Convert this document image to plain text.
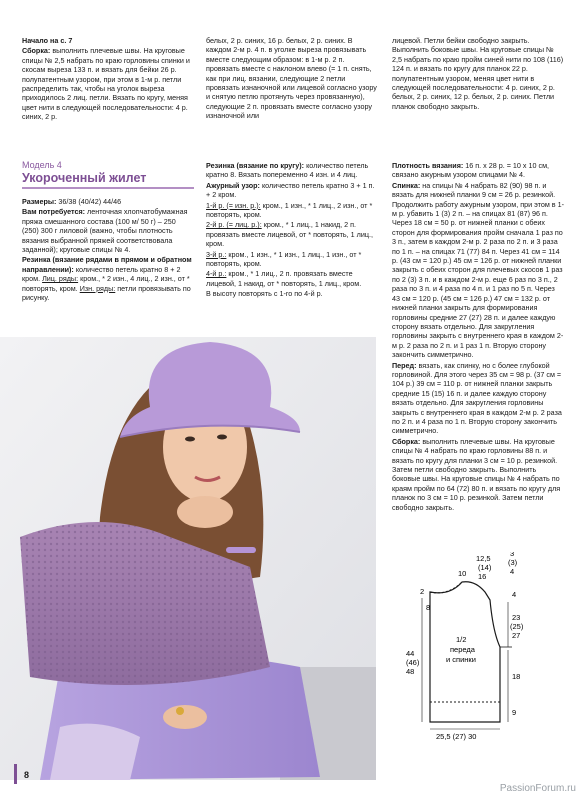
Начало на с. 7

Сборка: выполнить плечевые швы. На круговые спицы № 2,5 набрать по краю горловины спинки и скосам выреза 133 п. и вязать для бейки 26 р. полупатентным узором, при этом в 1-м р. петли распределить так, чтобы на уголок выреза приходилось 2 лиц. петли. Вязать по кругу, меняя цвет нити в следующей последовательности: 4 р. синих, 2 р.

белых, 2 р. синих, 16 р. белых, 2 р. синих. В каждом 2-м р. 4 п. в уголке выреза провязывать вместе следующим образом: в 1-м р. 2 п. провязать вместе с наклоном влево (= 1 п. снять, как при лиц. вязании, следующие 2 петли провязать изнаночной или лицевой согласно узору и снятую петлю протянуть через провязанную), следующие 2 п. провязать вместе согласно узору изнаночной или

лицевой. Петли бейки свободно закрыть. Выполнить боковые швы. На круговые спицы № 2,5 набрать по краю пройм синей нити по 108 (116) 124 п. и вязать по кругу для планок 22 р. полупатентным узором, меняя цвет нити в следующей последовательности: 4 р. синих, 2 р. белых, 2 р. синих, 12 р. белых, 2 р. синих. Петли планок свободно закрыть.

Модель 4
Укороченный жилет

Размеры: 36/38 (40/42) 44/46

Вам потребуется: ленточная хлопчатобумажная пряжа смешанного состава (100 м/ 50 г) – 250 (250) 300 г лиловой (важно, чтобы плотность вязания выбранной пряжей соответствовала заданной); круговые спицы № 4.

Резинка (вязание рядами в прямом и обратном направлении): количество петель кратно 8 + 2 кром. Лиц. ряды: кром., * 2 изн., 4 лиц., 2 изн., от * повторять, кром. Изн. ряды: петли провязывать по рисунку.

Резинка (вязание по кругу): количество петель кратно 8. Вязать попеременно 4 изн. и 4 лиц.

Ажурный узор: количество петель кратно 3 + 1 п. + 2 кром.

1-й р. (= изн. р.): кром., 1 изн., * 1 лиц., 2 изн., от * повторять, кром.

2-й р. (= лиц. р.): кром., * 1 лиц., 1 накид, 2 п. провязать вместе лицевой, от * повторять, 1 лиц., кром.

3-й р.: кром., 1 изн., * 1 изн., 1 лиц., 1 изн., от * повторять, кром.

4-й р.: кром., * 1 лиц., 2 п. провязать вместе лицевой, 1 накид, от * повторять, 1 лиц., кром.

В высоту повторять с 1-го по 4-й р.

Плотность вязания: 16 п. x 28 р. = 10 x 10 см, связано ажурным узором спицами № 4.

Спинка: на спицы № 4 набрать 82 (90) 98 п. и вязать для нижней планки 9 см = 26 р. резинкой. Продолжить работу ажурным узором, при этом в 1-м р. убавить 1 (3) 2 п. – на спицах 81 (87) 96 п. Через 18 см = 50 р. от нижней планки с обеих сторон для формирования пройм сначала 1 раз по 3 п., затем в каждом 2-м р. 2 раза по 2 п. и 3 раза по 1 п. – на спицах 71 (77) 84 п. Через 41 см = 114 р. (43 см = 120 р.) 45 см = 126 р. от нижней планки закрыть с обеих сторон для плечевых скосов 1 раз по 2 (3) 3 п. и в каждом 2-м р. еще 6 раз по 3 п., 2 раза по 3 п. и 4 раза по 4 п. и 1 раз по 5 п. Через 43 см = 120 р. (45 см = 126 р.) 47 см = 132 р. от нижней планки закрыть для формирования горловины средние 27 (27) 28 п. и далее каждую сторону вязать отдельно. Для закругления горловины закрыть с внутреннего края в каждом 2-м р. 2 раза по 2 п. и 1 раз 1 п. Вторую сторону закончить симметрично.

Перед: вязать, как спинку, но с более глубокой горловиной. Для этого через 35 см = 98 р. (37 см = 104 р.) 39 см = 110 р. от нижней планки закрыть средние 15 (15) 16 п. и далее каждую сторону вязать отдельно. Для закругления горловины закрыть с внутреннего края в каждом 2-м р. 2 раза по 2 п. и 4 раза по 1 п. Вторую сторону закончить симметрично.

Сборка: выполнить плечевые швы. На круговые спицы № 4 набрать по краю горловины 88 п. и вязать по кругу для планки 3 см = 10 р. резинкой. Затем петли свободно закрыть. Выполнить боковые швы. На круговые спицы № 4 набрать по краям пройм по 64 (72) 80 п. и вязать по кругу для планок по 3 см = 10 р. резинкой. Затем петли свободно закрыть.

10
12,5
(14)
16
3
(3)
4
2
8
44
(46)
48
1/2
переда
и спинки
4
23
(25)
27
18
9
25,5 (27) 30
8
PassionForum.ru
